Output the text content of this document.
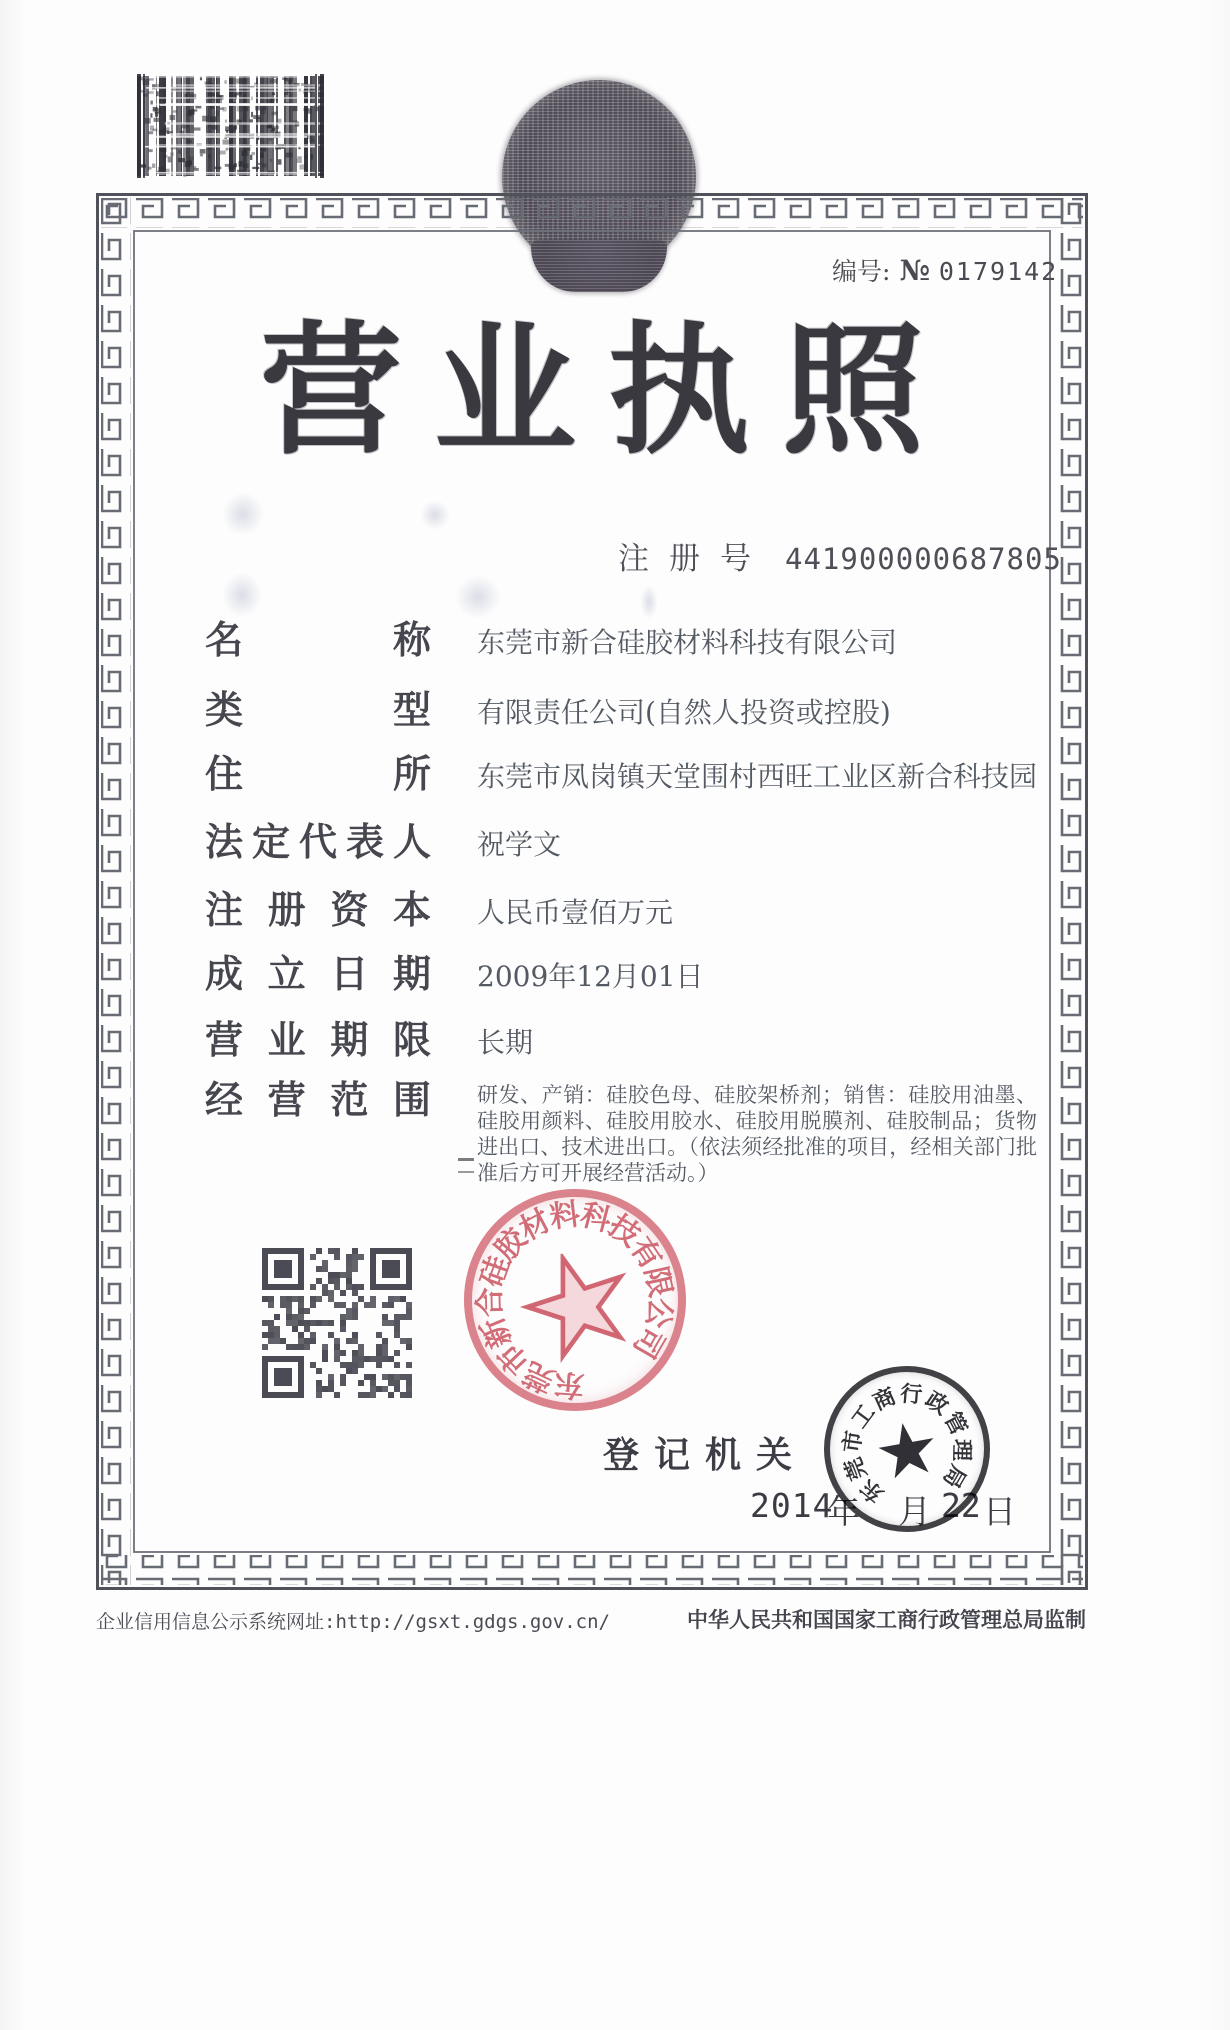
编号: № 0179142
营业执照
注册号 441900000687805
名	称 东莞市新合硅胶材料科技有限公司
类	型 有限责任公司(自然人投资或控股)
住	所 东莞市凤岗镇天堂围村西旺工业区新合科技园
法 定 代 表 人 祝学文
注 册 资 本 人民币壹佰万元
成 立 日 期 2009年12月01日
营 业 期 限 长期
经 营 范 围 研发、产销：硅胶色母、硅胶架桥剂；销售：硅胶用油墨、硅胶用颜料、硅胶用胶水、硅胶用脱膜剂、硅胶制品；货物进出口、技术进出口。（依法须经批准的项目，经相关部门批准后方可开展经营活动。）
东
莞
市
新
合
硅
胶
材
料
科
技
有
限
公
司
登记机关
2014
年 月 22 日
东
莞
市
工
商 行
政
管
理
局
企业信用信息公示系统网址:http://gsxt.gdgs.gov.cn/	中华人民共和国国家工商行政管理总局监制
